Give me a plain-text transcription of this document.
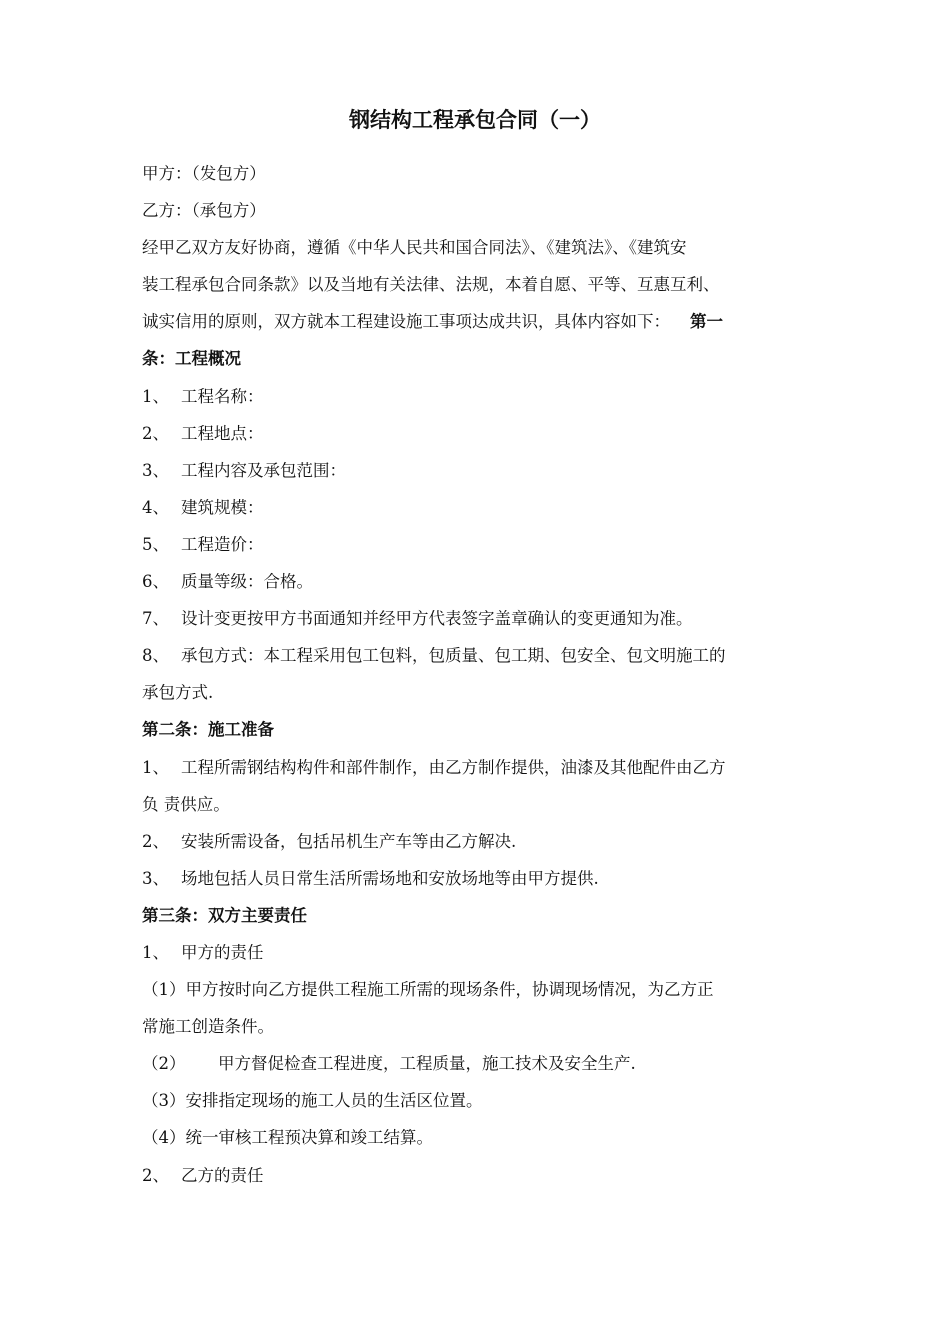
钢结构工程承包合同（一）

甲方：（发包方）

乙方：（承包方）

经甲乙双方友好协商，遵循《中华人民共和国合同法》、《建筑法》、《建筑安

装工程承包合同条款》以及当地有关法律、法规，本着自愿、平等、互惠互利、

诚实信用的原则，双方就本工程建设施工事项达成共识，具体内容如下： 第一

条：工程概况

1、 工程名称：

2、 工程地点：

3、 工程内容及承包范围：

4、 建筑规模：

5、 工程造价：

6、 质量等级：合格。

7、 设计变更按甲方书面通知并经甲方代表签字盖章确认的变更通知为准。

8、 承包方式：本工程采用包工包料，包质量、包工期、包安全、包文明施工的

承包方式.

第二条：施工准备

1、 工程所需钢结构构件和部件制作，由乙方制作提供，油漆及其他配件由乙方

负 责供应。

2、 安装所需设备，包括吊机生产车等由乙方解决.

3、 场地包括人员日常生活所需场地和安放场地等由甲方提供.

第三条：双方主要责任

1、 甲方的责任

（1）甲方按时向乙方提供工程施工所需的现场条件，协调现场情况，为乙方正

常施工创造条件。

（2） 甲方督促检查工程进度，工程质量，施工技术及安全生产.

（3）安排指定现场的施工人员的生活区位置。

（4）统一审核工程预决算和竣工结算。

2、 乙方的责任
